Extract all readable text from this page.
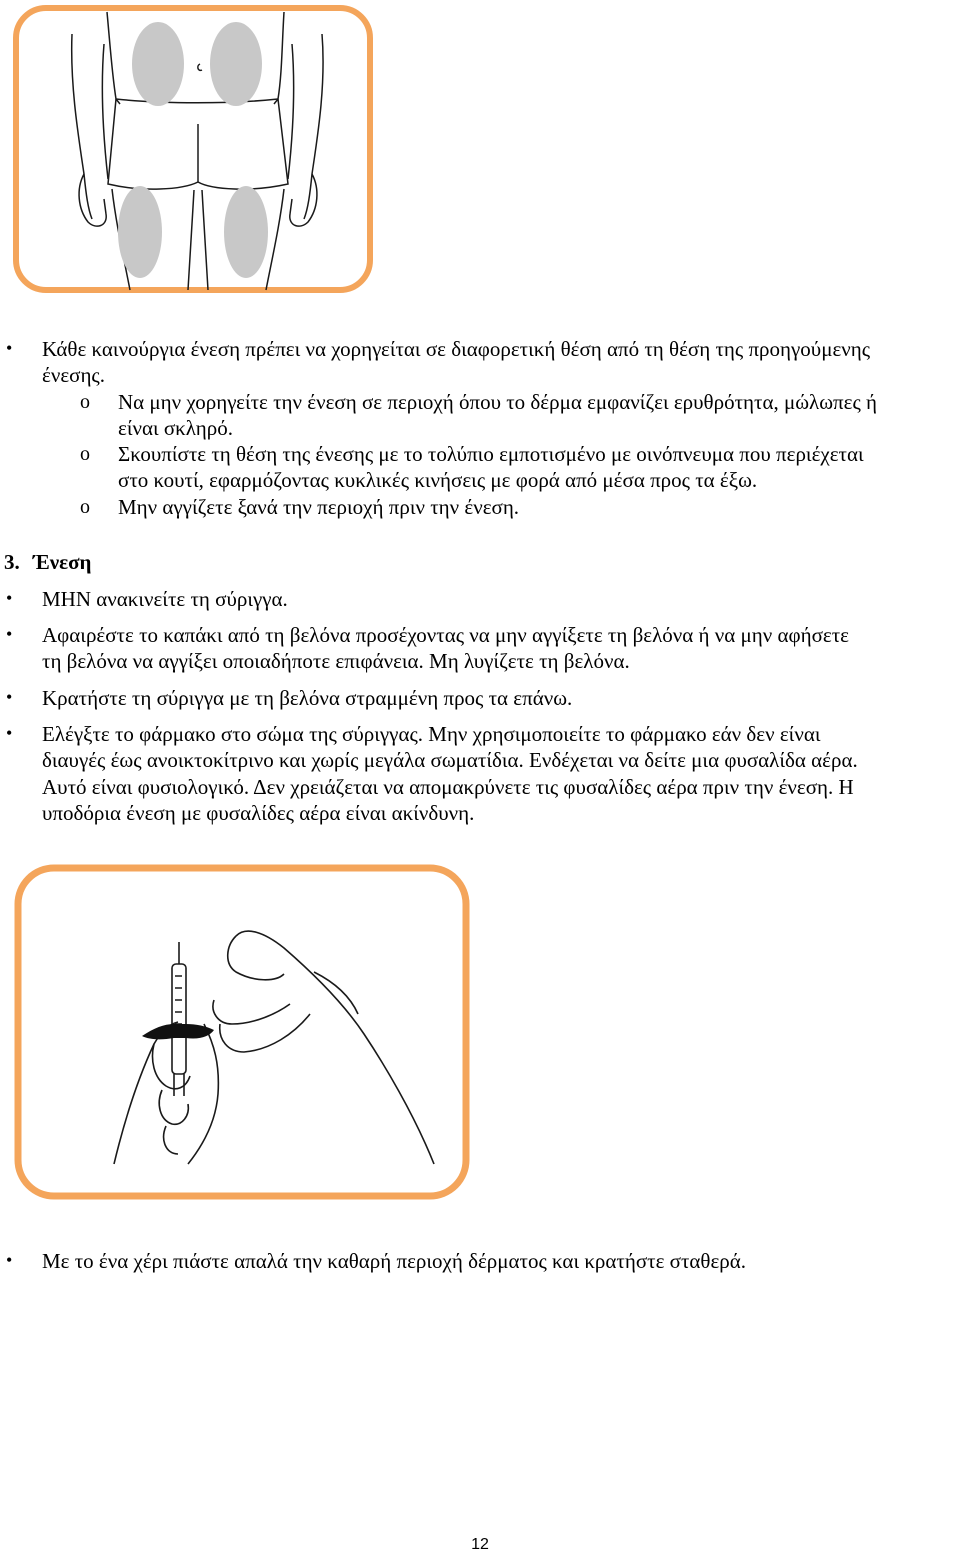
• Κάθε καινούργια ένεση πρέπει να χορηγείται σε διαφορετική θέση από τη θέση της προηγούμενης
ένεσης.
o Να μην χορηγείτε την ένεση σε περιοχή όπου το δέρμα εμφανίζει ερυθρότητα, μώλωπες ή
είναι σκληρό.
o Σκουπίστε τη θέση της ένεσης με το τολύπιο εμποτισμένο με οινόπνευμα που περιέχεται
στο κουτί, εφαρμόζοντας κυκλικές κινήσεις με φορά από μέσα προς τα έξω.
o Μην αγγίζετε ξανά την περιοχή πριν την ένεση.
3. Ένεση
• ΜΗΝ ανακινείτε τη σύριγγα.
• Αφαιρέστε το καπάκι από τη βελόνα προσέχοντας να μην αγγίξετε τη βελόνα ή να μην αφήσετε
τη βελόνα να αγγίξει οποιαδήποτε επιφάνεια. Μη λυγίζετε τη βελόνα.
• Κρατήστε τη σύριγγα με τη βελόνα στραμμένη προς τα επάνω.
• Ελέγξτε το φάρμακο στο σώμα της σύριγγας. Μην χρησιμοποιείτε το φάρμακο εάν δεν είναι
διαυγές έως ανοικτοκίτρινο και χωρίς μεγάλα σωματίδια. Ενδέχεται να δείτε μια φυσαλίδα αέρα.
Αυτό είναι φυσιολογικό. Δεν χρειάζεται να απομακρύνετε τις φυσαλίδες αέρα πριν την ένεση. Η
υποδόρια ένεση με φυσαλίδες αέρα είναι ακίνδυνη.
• Με το ένα χέρι πιάστε απαλά την καθαρή περιοχή δέρματος και κρατήστε σταθερά.
12
